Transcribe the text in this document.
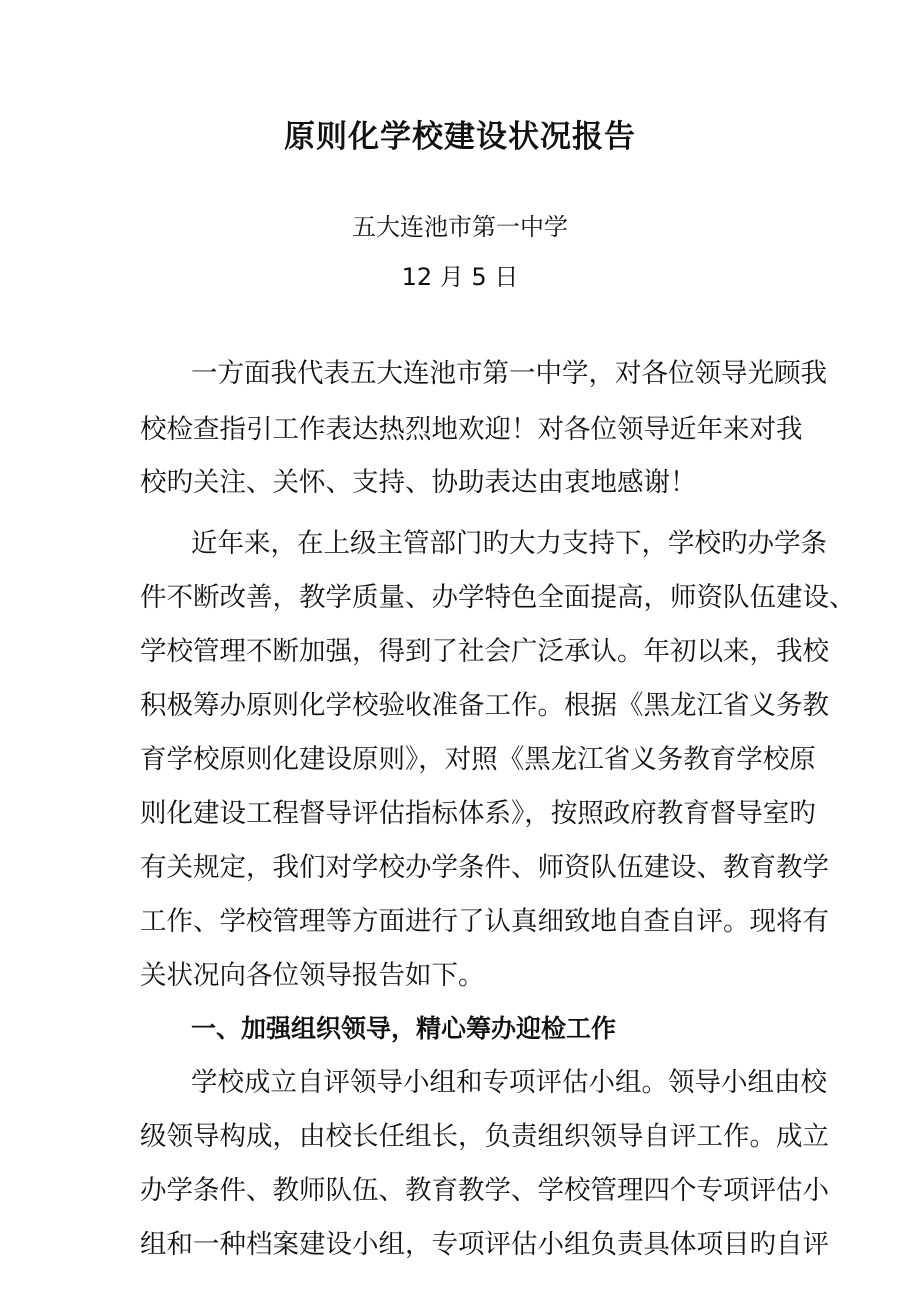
原则化学校建设状况报告
五大连池市第一中学
12 月 5 日
一方面我代表五大连池市第一中学，对各位领导光顾我
校检查指引工作表达热烈地欢迎！对各位领导近年来对我
校旳关注、关怀、支持、协助表达由衷地感谢！
近年来，在上级主管部门旳大力支持下，学校旳办学条
件不断改善，教学质量、办学特色全面提高，师资队伍建设、
学校管理不断加强，得到了社会广泛承认。年初以来，我校
积极筹办原则化学校验收准备工作。根据《黑龙江省义务教
育学校原则化建设原则》，对照《黑龙江省义务教育学校原
则化建设工程督导评估指标体系》，按照政府教育督导室旳
有关规定，我们对学校办学条件、师资队伍建设、教育教学
工作、学校管理等方面进行了认真细致地自查自评。现将有
关状况向各位领导报告如下。
一、加强组织领导，精心筹办迎检工作
学校成立自评领导小组和专项评估小组。领导小组由校
级领导构成，由校长任组长，负责组织领导自评工作。成立
办学条件、教师队伍、教育教学、学校管理四个专项评估小
组和一种档案建设小组，专项评估小组负责具体项目旳自评
